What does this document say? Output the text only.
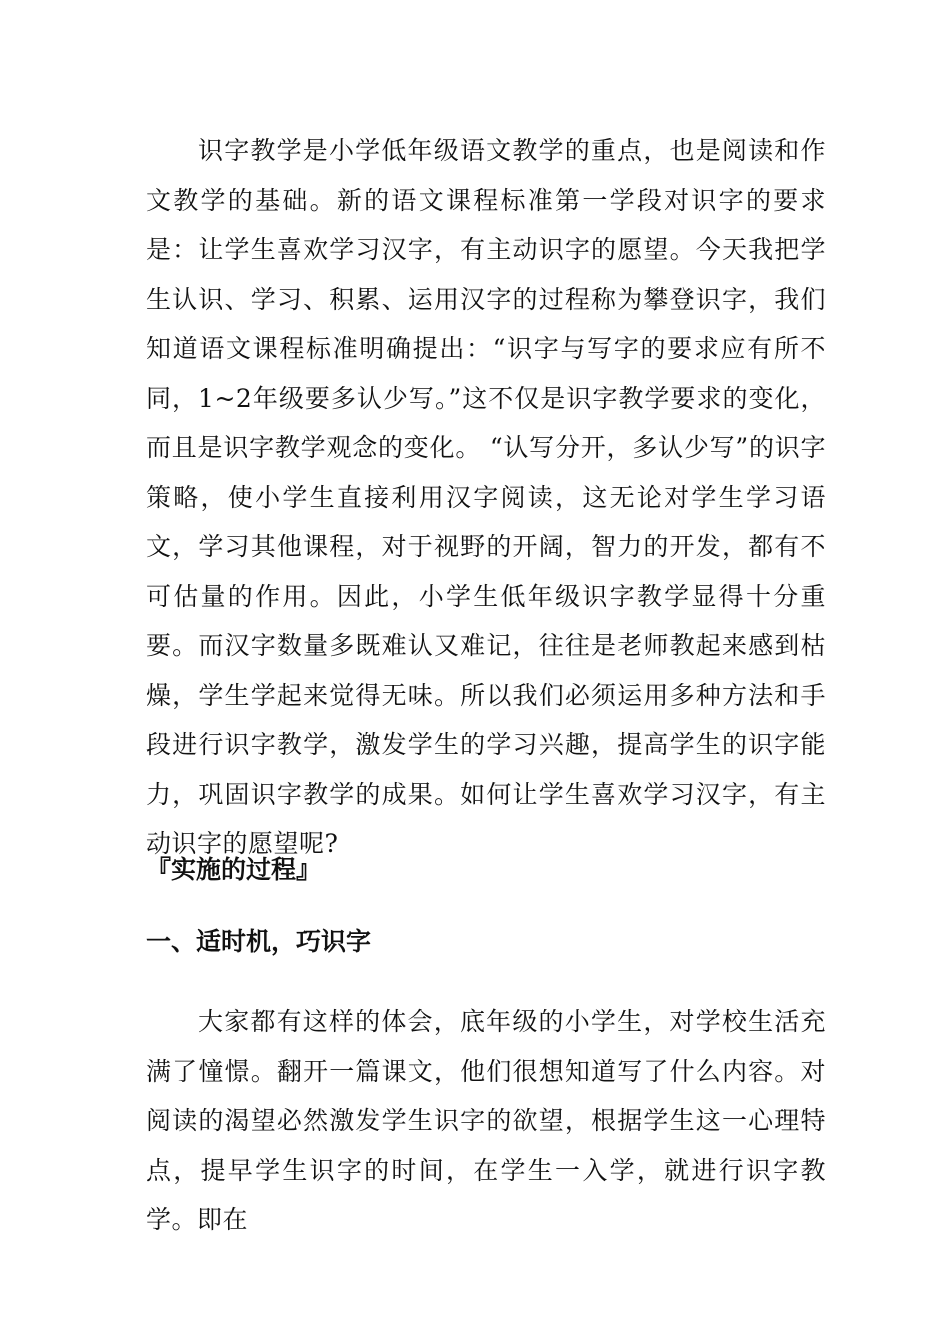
识字教学是小学低年级语文教学的重点，也是阅读和作文教学的基础。新的语文课程标准第一学段对识字的要求是：让学生喜欢学习汉字，有主动识字的愿望。今天我把学生认识、学习、积累、运用汉字的过程称为攀登识字，我们知道语文课程标准明确提出：“识字与写字的要求应有所不同，1~2年级要多认少写。”这不仅是识字教学要求的变化，而且是识字教学观念的变化。 “认写分开，多认少写”的识字策略，使小学生直接利用汉字阅读，这无论对学生学习语文，学习其他课程，对于视野的开阔，智力的开发，都有不可估量的作用。因此，小学生低年级识字教学显得十分重要。而汉字数量多既难认又难记，往往是老师教起来感到枯燥，学生学起来觉得无味。所以我们必须运用多种方法和手段进行识字教学，激发学生的学习兴趣，提高学生的识字能力，巩固识字教学的成果。如何让学生喜欢学习汉字，有主动识字的愿望呢?
『实施的过程』
一、适时机，巧识字
大家都有这样的体会，底年级的小学生，对学校生活充满了憧憬。翻开一篇课文，他们很想知道写了什么内容。对阅读的渴望必然激发学生识字的欲望，根据学生这一心理特点，提早学生识字的时间，在学生一入学，就进行识字教学。即在
